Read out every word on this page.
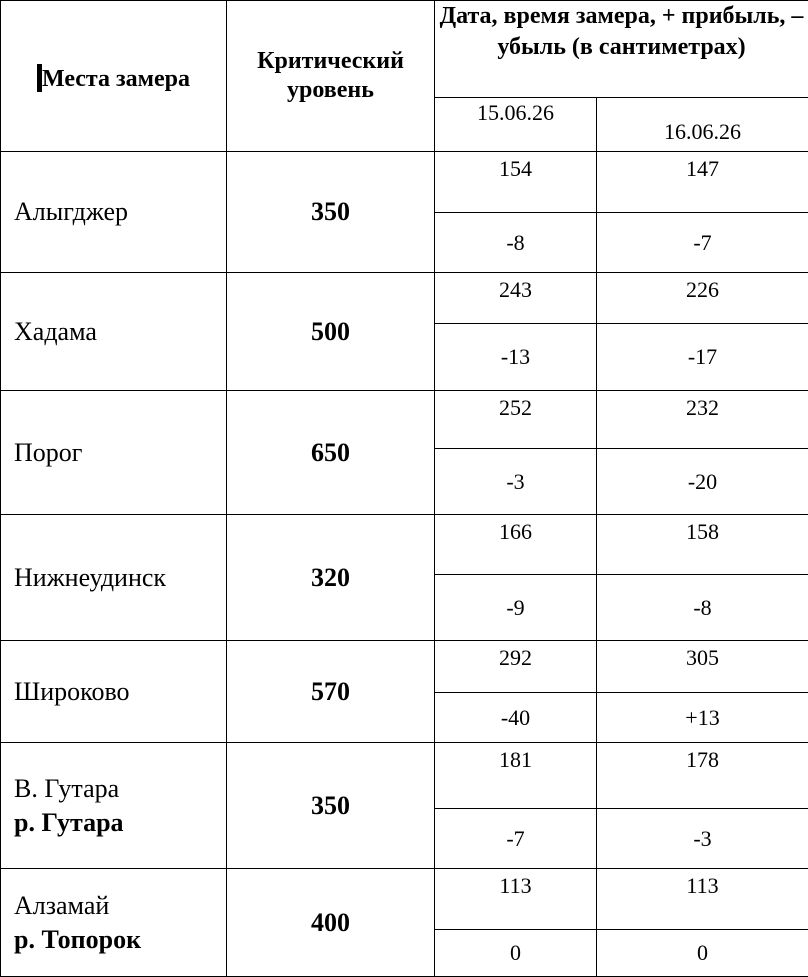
Места замера	Критический уровень	Дата, время замера, + прибыль, – убыль (в сантиметрах)	
		15.06.26	16.06.26

Алыгджер	350	154	147
		-8	-7

Хадама	500	243	226
		-13	-17

Порог	650	252	232
		-3	-20

Нижнеудинск	320	166	158
		-9	-8

Широково	570	292	305
		-40	+13

В. Гутара
р. Гутара	350	181	178
		-7	-3

Алзамай
р. Топорок	400	113	113
		0	0
